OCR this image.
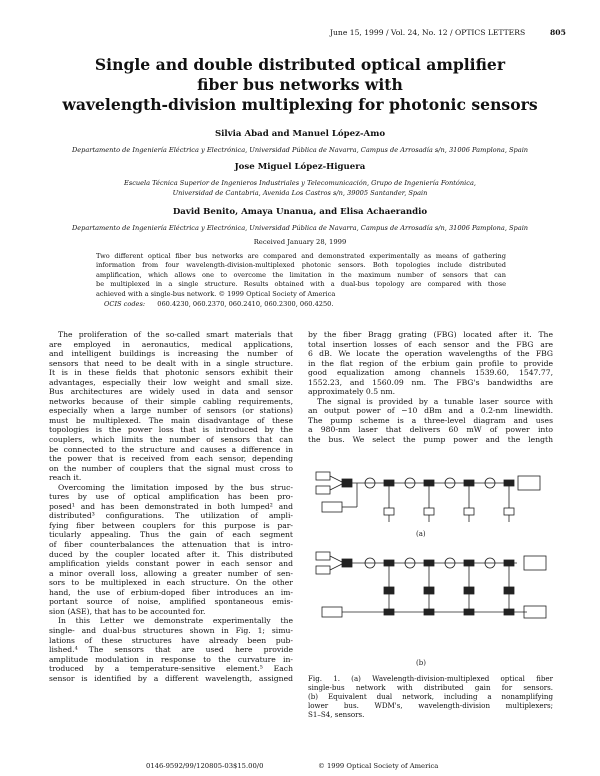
June 15, 1999 / Vol. 24, No. 12 / OPTICS LETTERS	805
Single and double distributed optical amplifier
fiber bus networks with
wavelength-division multiplexing for photonic sensors
Silvia Abad and Manuel López-Amo
Departamento de Ingeniería Eléctrica y Electrónica, Universidad Pública de Navarra, Campus de Arrosadía s/n, 31006 Pamplona, Spain
Jose Miguel López-Higuera
Escuela Técnica Superior de Ingenieros Industriales y Telecomunicación, Grupo de Ingeniería Fontónica,
Universidad de Cantabria, Avenida Los Castros s/n, 39005 Santander, Spain
David Benito, Amaya Unanua, and Elisa Achaerandio
Departamento de Ingeniería Eléctrica y Electrónica, Universidad Pública de Navarra, Campus de Arrosadía s/n, 31006 Pamplona, Spain
Received January 28, 1999
Two different optical fiber bus networks are compared and demonstrated experimentally as means of gathering
information from four wavelength-division-multiplexed photonic sensors. Both topologies include distributed
amplification, which allows one to overcome the limitation in the maximum number of sensors that can
be multiplexed in a single structure. Results obtained with a dual-bus topology are compared with those
achieved with a single-bus network. © 1999 Optical Society of America
OCIS codes: 060.4230, 060.2370, 060.2410, 060.2300, 060.4250.
The proliferation of the so-called smart materials that
are employed in aeronautics, medical applications,
and intelligent buildings is increasing the number of
sensors that need to be dealt with in a single structure.
It is in these fields that photonic sensors exhibit their
advantages, especially their low weight and small size.
Bus architectures are widely used in data and sensor
networks because of their simple cabling requirements,
especially when a large number of sensors (or stations)
must be multiplexed. The main disadvantage of these
topologies is the power loss that is introduced by the
couplers, which limits the number of sensors that can
be connected to the structure and causes a difference in
the power that is received from each sensor, depending
on the number of couplers that the signal must cross to
reach it.
Overcoming the limitation imposed by the bus struc-
tures by use of optical amplification has been pro-
posed¹ and has been demonstrated in both lumped² and
distributed³ configurations. The utilization of ampli-
fying fiber between couplers for this purpose is par-
ticularly appealing. Thus the gain of each segment
of fiber counterbalances the attenuation that is intro-
duced by the coupler located after it. This distributed
amplification yields constant power in each sensor and
a minor overall loss, allowing a greater number of sen-
sors to be multiplexed in each structure. On the other
hand, the use of erbium-doped fiber introduces an im-
portant source of noise, amplified spontaneous emis-
sion (ASE), that has to be accounted for.
In this Letter we demonstrate experimentally the
single- and dual-bus structures shown in Fig. 1; simu-
lations of these structures have already been pub-
lished.⁴ The sensors that are used here provide
amplitude modulation in response to the curvature in-
troduced by a temperature-sensitive element.⁵ Each
sensor is identified by a different wavelength, assigned
by the fiber Bragg grating (FBG) located after it. The
total insertion losses of each sensor and the FBG are
6 dB. We locate the operation wavelengths of the FBG
in the flat region of the erbium gain profile to provide
good equalization among channels 1539.60, 1547.77,
1552.23, and 1560.09 nm. The FBG's bandwidths are
approximately 0.5 nm.
The signal is provided by a tunable laser source with
an output power of −10 dBm and a 0.2-nm linewidth.
The pump scheme is a three-level diagram and uses
a 980-nm laser that delivers 60 mW of power into
the bus. We select the pump power and the length
(a)
(b)
Fig. 1. (a) Wavelength-division-multiplexed optical fiber
single-bus network with distributed gain for sensors.
(b) Equivalent dual network, including a nonamplifying
lower bus. WDM's, wavelength-division multiplexers;
S1–S4, sensors.
0146-9592/99/120805-03$15.00/0	© 1999 Optical Society of America
